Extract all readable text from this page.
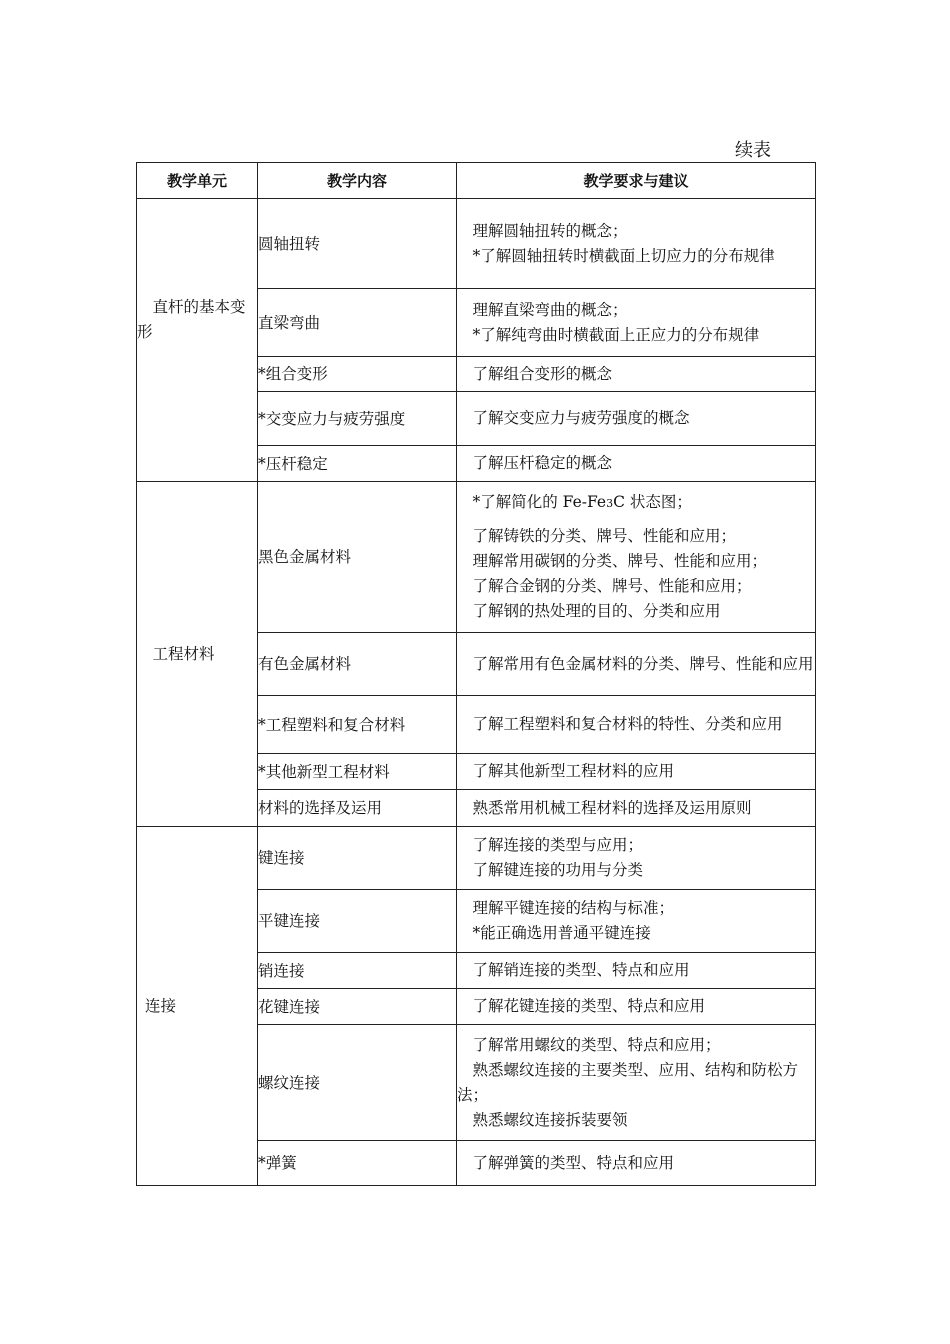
续表
教学单元	教学内容	教学要求与建议

直杆的基本变形	圆轴扭转	理解圆轴扭转的概念；
*了解圆轴扭转时横截面上切应力的分布规律

	直梁弯曲	理解直梁弯曲的概念；
*了解纯弯曲时横截面上正应力的分布规律

	*组合变形	了解组合变形的概念

	*交变应力与疲劳强度	了解交变应力与疲劳强度的概念

	*压杆稳定	了解压杆稳定的概念

工程材料	黑色金属材料	*了解简化的 Fe-Fe3C 状态图；
了解铸铁的分类、牌号、性能和应用；
理解常用碳钢的分类、牌号、性能和应用；
了解合金钢的分类、牌号、性能和应用；
了解钢的热处理的目的、分类和应用

	有色金属材料	了解常用有色金属材料的分类、牌号、性能和应用

	*工程塑料和复合材料	了解工程塑料和复合材料的特性、分类和应用

	*其他新型工程材料	了解其他新型工程材料的应用

	材料的选择及运用	熟悉常用机械工程材料的选择及运用原则

连接	键连接	了解连接的类型与应用；
了解键连接的功用与分类

	平键连接	理解平键连接的结构与标准；
*能正确选用普通平键连接

	销连接	了解销连接的类型、特点和应用

	花键连接	了解花键连接的类型、特点和应用

	螺纹连接	了解常用螺纹的类型、特点和应用；
熟悉螺纹连接的主要类型、应用、结构和防松方法；
熟悉螺纹连接拆装要领

	*弹簧	了解弹簧的类型、特点和应用
